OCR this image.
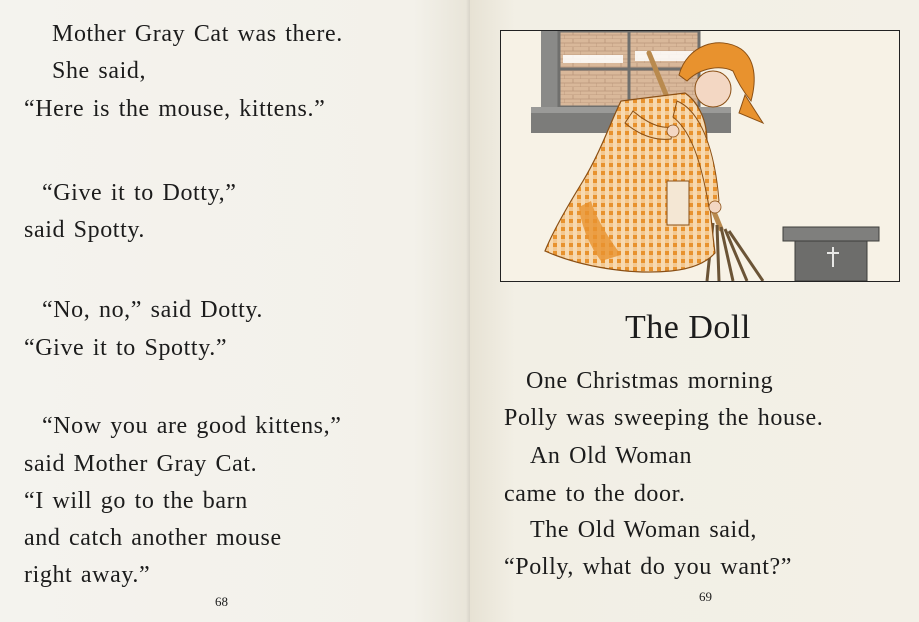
Mother Gray Cat was there.
She said,
“Here is the mouse, kittens.”
“Give it to Dotty,”
said Spotty.
“No, no,” said Dotty.
“Give it to Spotty.”
“Now you are good kittens,”
said Mother Gray Cat.
“I will go to the barn
and catch another mouse
right away.”
68
The Doll
One Christmas morning
Polly was sweeping the house.
An Old Woman
came to the door.
The Old Woman said,
“Polly, what do you want?”
69
